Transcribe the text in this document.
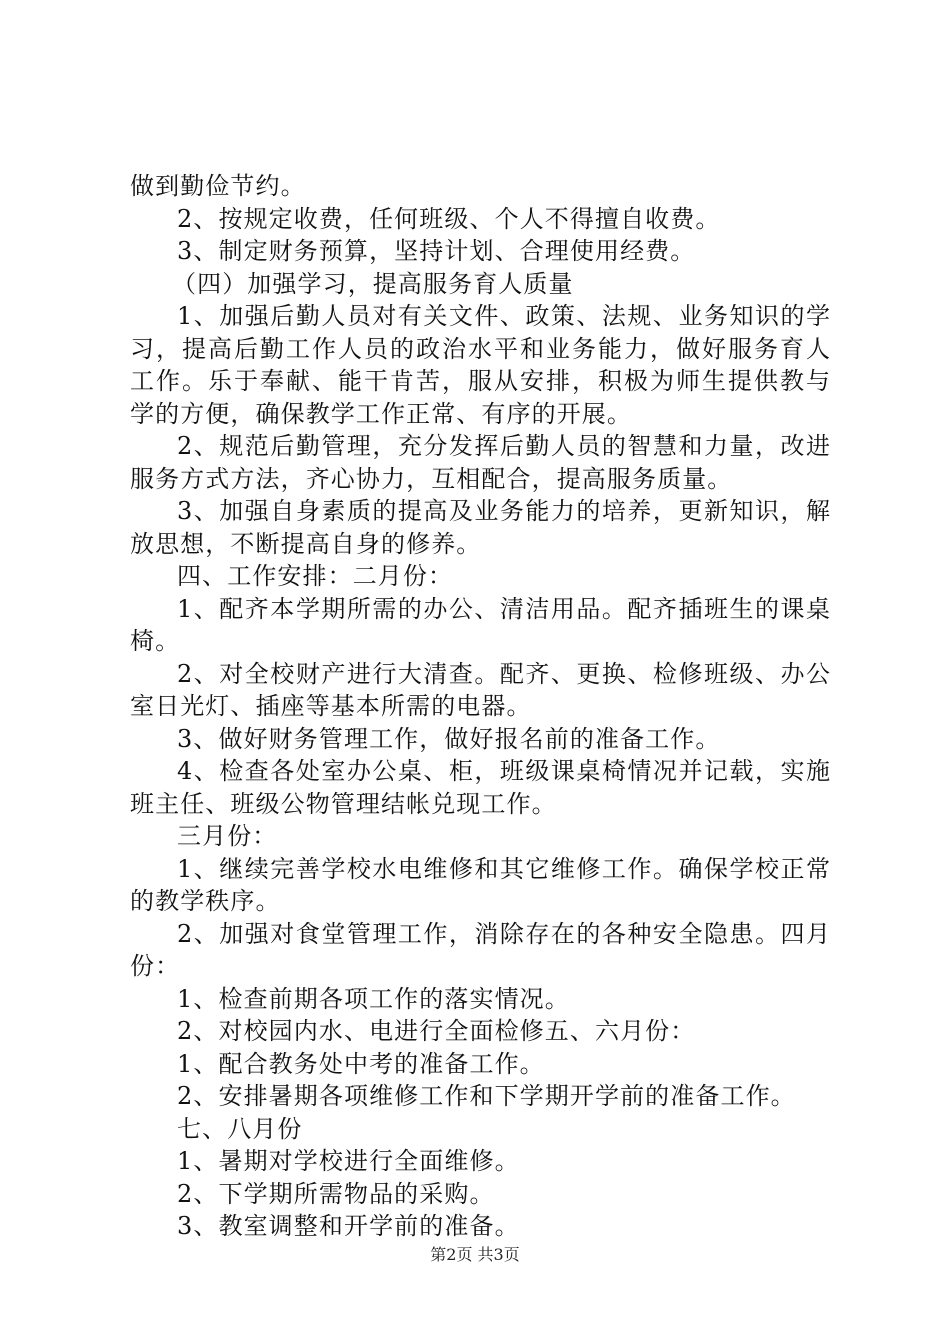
做到勤俭节约。
2、按规定收费，任何班级、个人不得擅自收费。
3、制定财务预算，坚持计划、合理使用经费。
（四）加强学习，提高服务育人质量
1、加强后勤人员对有关文件、政策、法规、业务知识的学
习，提高后勤工作人员的政治水平和业务能力，做好服务育人
工作。乐于奉献、能干肯苦，服从安排，积极为师生提供教与
学的方便，确保教学工作正常、有序的开展。
2、规范后勤管理，充分发挥后勤人员的智慧和力量，改进
服务方式方法，齐心协力，互相配合，提高服务质量。
3、加强自身素质的提高及业务能力的培养，更新知识，解
放思想，不断提高自身的修养。
四、工作安排：二月份：
1、配齐本学期所需的办公、清洁用品。配齐插班生的课桌
椅。
2、对全校财产进行大清查。配齐、更换、检修班级、办公
室日光灯、插座等基本所需的电器。
3、做好财务管理工作，做好报名前的准备工作。
4、检查各处室办公桌、柜，班级课桌椅情况并记载，实施
班主任、班级公物管理结帐兑现工作。
三月份：
1、继续完善学校水电维修和其它维修工作。确保学校正常
的教学秩序。
2、加强对食堂管理工作，消除存在的各种安全隐患。四月
份：
1、检查前期各项工作的落实情况。
2、对校园内水、电进行全面检修五、六月份：
1、配合教务处中考的准备工作。
2、安排暑期各项维修工作和下学期开学前的准备工作。
七、八月份
1、暑期对学校进行全面维修。
2、下学期所需物品的采购。
3、教室调整和开学前的准备。
第2页 共3页
